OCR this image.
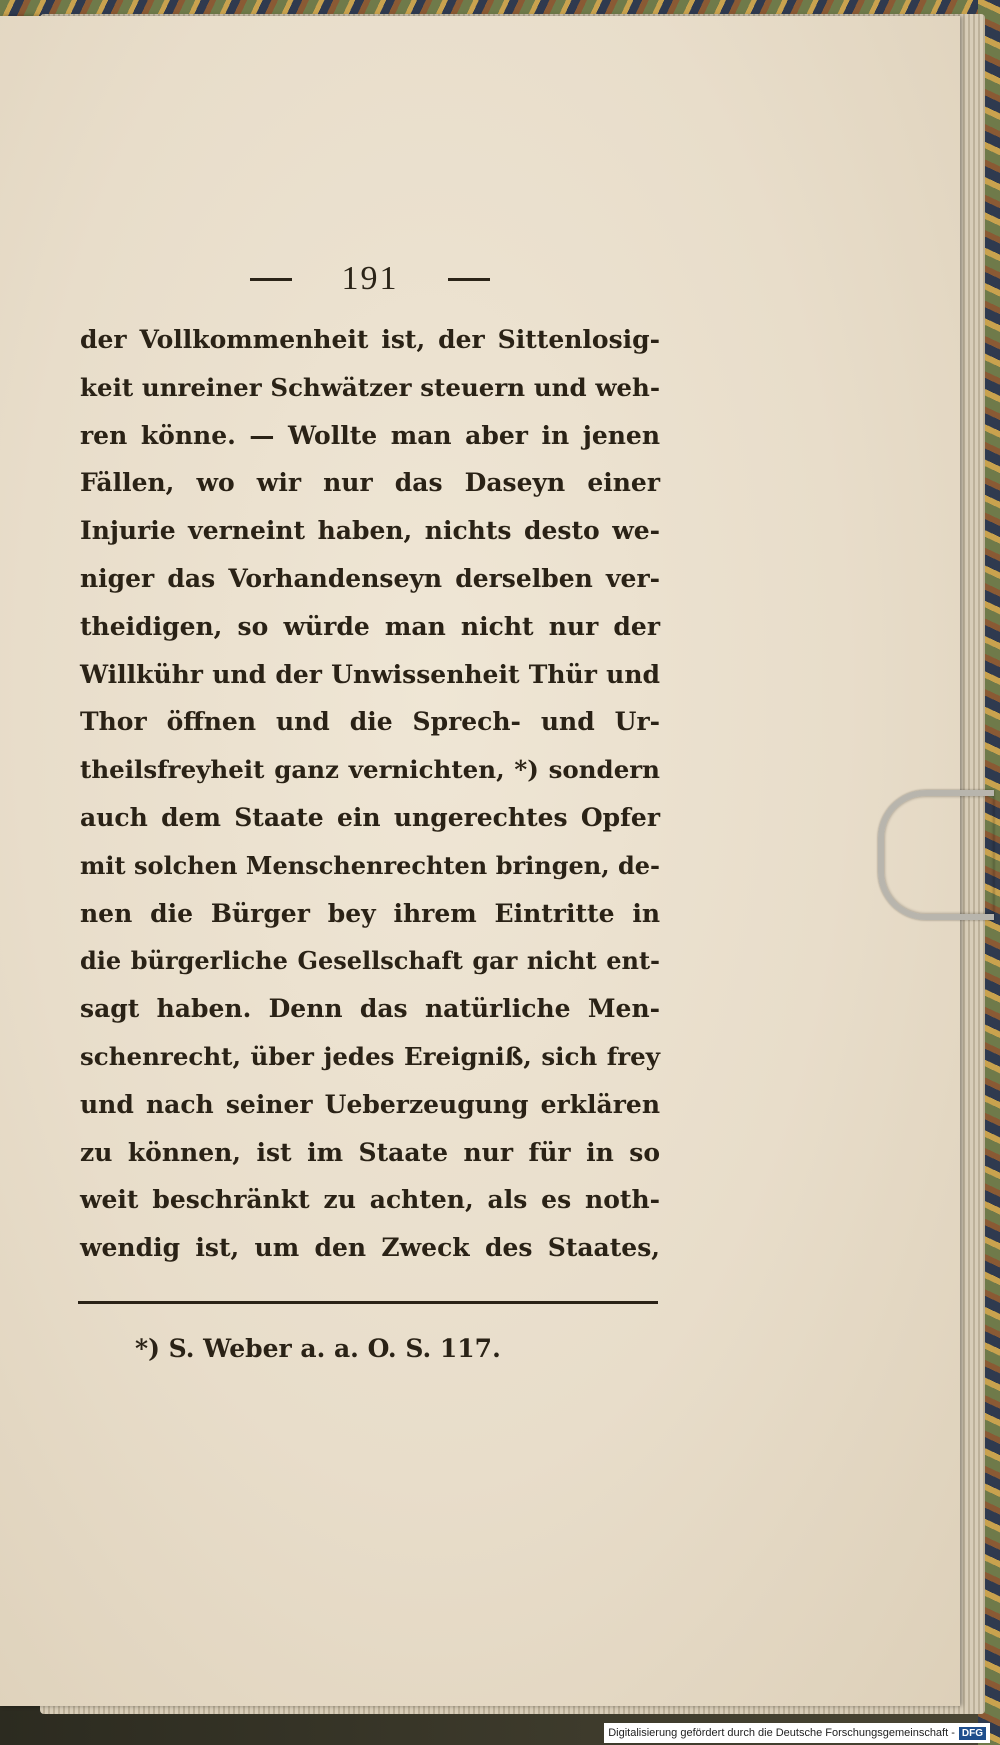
191
der Vollkommenheit ist, der Sittenlosig-
keit unreiner Schwätzer steuern und weh-
ren könne. — Wollte man aber in jenen
Fällen, wo wir nur das Daseyn einer
Injurie verneint haben, nichts desto we-
niger das Vorhandenseyn derselben ver-
theidigen, so würde man nicht nur der
Willkühr und der Unwissenheit Thür und
Thor öffnen und die Sprech- und Ur-
theilsfreyheit ganz vernichten, *) sondern
auch dem Staate ein ungerechtes Opfer
mit solchen Menschenrechten bringen, de-
nen die Bürger bey ihrem Eintritte in
die bürgerliche Gesellschaft gar nicht ent-
sagt haben. Denn das natürliche Men-
schenrecht, über jedes Ereigniß, sich frey
und nach seiner Ueberzeugung erklären
zu können, ist im Staate nur für in so
weit beschränkt zu achten, als es noth-
wendig ist, um den Zweck des Staates,
*) S. Weber a. a. O. S. 117.
Digitalisierung gefördert durch die Deutsche Forschungsgemeinschaft - DFG
